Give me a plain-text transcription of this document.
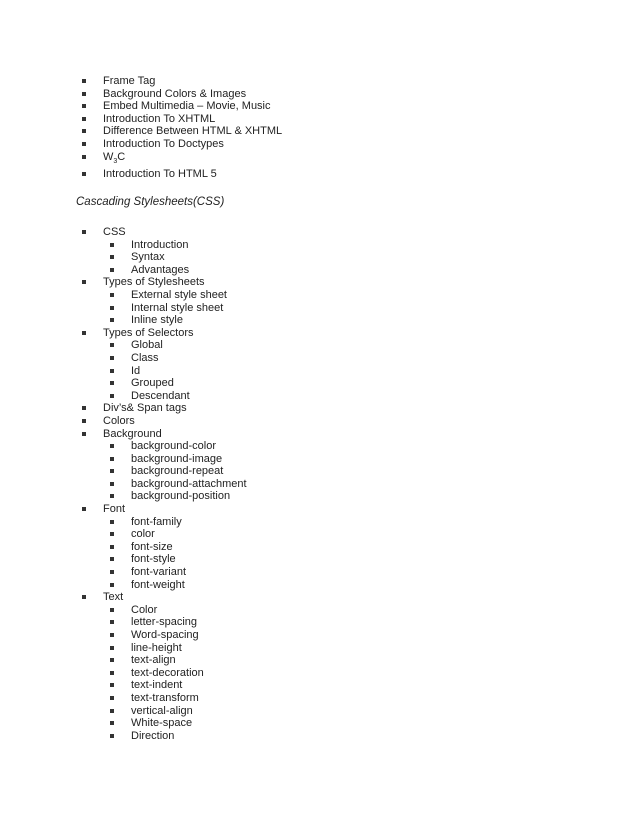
Frame Tag
Background Colors & Images
Embed Multimedia – Movie, Music
Introduction To XHTML
Difference Between HTML & XHTML
Introduction To Doctypes
$W_3C$
Introduction To HTML 5
Cascading Stylesheets(CSS)
CSS
Introduction
Syntax
Advantages
Types of Stylesheets
External style sheet
Internal style sheet
Inline style
Types of Selectors
Global
Class
Id
Grouped
Descendant
Div’s& Span tags
Colors
Background
background-color
background-image
background-repeat
background-attachment
background-position
Font
font-family
color
font-size
font-style
font-variant
font-weight
Text
Color
letter-spacing
Word-spacing
line-height
text-align
text-decoration
text-indent
text-transform
vertical-align
White-space
Direction
